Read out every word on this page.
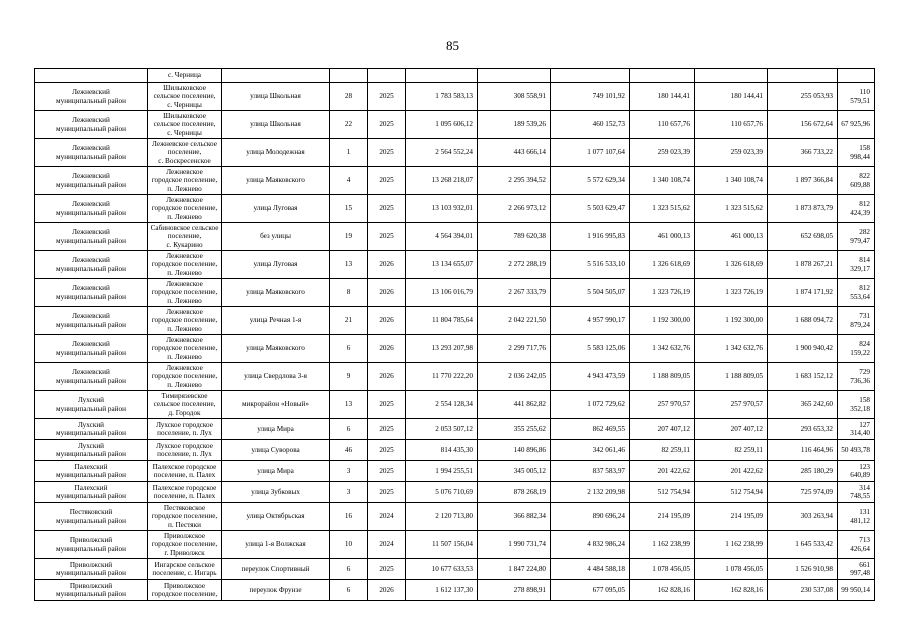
85
	с. Черница										
Лежневский
муниципальный район	Шилыковское
сельское поселение,
с. Черницы	улица Школьная	28	2025	1 783 583,13	308 558,91	749 101,92	180 144,41	180 144,41	255 053,93	110 579,51
Лежневский
муниципальный район	Шилыковское
сельское поселение,
с. Черницы	улица Школьная	22	2025	1 095 606,12	189 539,26	460 152,73	110 657,76	110 657,76	156 672,64	67 925,96
Лежневский
муниципальный район	Лежневское сельское
поселение,
с. Воскресенское	улица Молодежная	1	2025	2 564 552,24	443 666,14	1 077 107,64	259 023,39	259 023,39	366 733,22	158 998,44
Лежневский
муниципальный район	Лежневское
городское поселение,
п. Лежнево	улица Маяковского	4	2025	13 268 218,07	2 295 394,52	5 572 629,34	1 340 108,74	1 340 108,74	1 897 366,84	822 609,88
Лежневский
муниципальный район	Лежневское
городское поселение,
п. Лежнево	улица Луговая	15	2025	13 103 932,01	2 266 973,12	5 503 629,47	1 323 515,62	1 323 515,62	1 873 873,79	812 424,39
Лежневский
муниципальный район	Сабиновское сельское
поселение,
с. Кукарино	без улицы	19	2025	4 564 394,01	789 620,38	1 916 995,83	461 000,13	461 000,13	652 698,05	282 979,47
Лежневский
муниципальный район	Лежневское
городское поселение,
п. Лежнево	улица Луговая	13	2026	13 134 655,07	2 272 288,19	5 516 533,10	1 326 618,69	1 326 618,69	1 878 267,21	814 329,17
Лежневский
муниципальный район	Лежневское
городское поселение,
п. Лежнево	улица Маяковского	8	2026	13 106 016,79	2 267 333,79	5 504 505,07	1 323 726,19	1 323 726,19	1 874 171,92	812 553,64
Лежневский
муниципальный район	Лежневское
городское поселение,
п. Лежнево	улица Речная 1-я	21	2026	11 804 785,64	2 042 221,50	4 957 990,17	1 192 300,00	1 192 300,00	1 688 094,72	731 879,24
Лежневский
муниципальный район	Лежневское
городское поселение,
п. Лежнево	улица Маяковского	6	2026	13 293 207,98	2 299 717,76	5 583 125,06	1 342 632,76	1 342 632,76	1 900 940,42	824 159,22
Лежневский
муниципальный район	Лежневское
городское поселение,
п. Лежнево	улица Свердлова 3-я	9	2026	11 770 222,20	2 036 242,05	4 943 473,59	1 188 809,05	1 188 809,05	1 683 152,12	729 736,36
Лухский
муниципальный район	Тимирязевское
сельское поселение,
д. Городок	микрорайон «Новый»	13	2025	2 554 128,34	441 862,82	1 072 729,62	257 970,57	257 970,57	365 242,60	158 352,18
Лухский
муниципальный район	Лухское городское
поселение, п. Лух	улица Мира	6	2025	2 053 507,12	355 255,62	862 469,55	207 407,12	207 407,12	293 653,32	127 314,40
Лухский
муниципальный район	Лухское городское
поселение, п. Лух	улица Суворова	46	2025	814 435,30	140 896,86	342 061,46	82 259,11	82 259,11	116 464,96	50 493,78
Палехский
муниципальный район	Палехское городское
поселение, п. Палех	улица Мира	3	2025	1 994 255,51	345 005,12	837 583,97	201 422,62	201 422,62	285 180,29	123 640,89
Палехский
муниципальный район	Палехское городское
поселение, п. Палех	улица Зубковых	3	2025	5 076 710,69	878 268,19	2 132 209,98	512 754,94	512 754,94	725 974,09	314 748,55
Пестяковский
муниципальный район	Пестяковское
городское поселение,
п. Пестяки	улица Октябрьская	16	2024	2 120 713,80	366 882,34	890 696,24	214 195,09	214 195,09	303 263,94	131 481,12
Приволжский
муниципальный район	Приволжское
городское поселение,
г. Приволжск	улица 1-я Волжская	10	2024	11 507 156,04	1 990 731,74	4 832 986,24	1 162 238,99	1 162 238,99	1 645 533,42	713 426,64
Приволжский
муниципальный район	Ингарское сельское
поселение, с. Ингарь	переулок Спортивный	6	2025	10 677 633,53	1 847 224,80	4 484 588,18	1 078 456,05	1 078 456,05	1 526 910,98	661 997,48
Приволжский
муниципальный район	Приволжское
городское поселение,	переулок Фрунзе	6	2026	1 612 137,30	278 898,91	677 095,05	162 828,16	162 828,16	230 537,08	99 950,14
